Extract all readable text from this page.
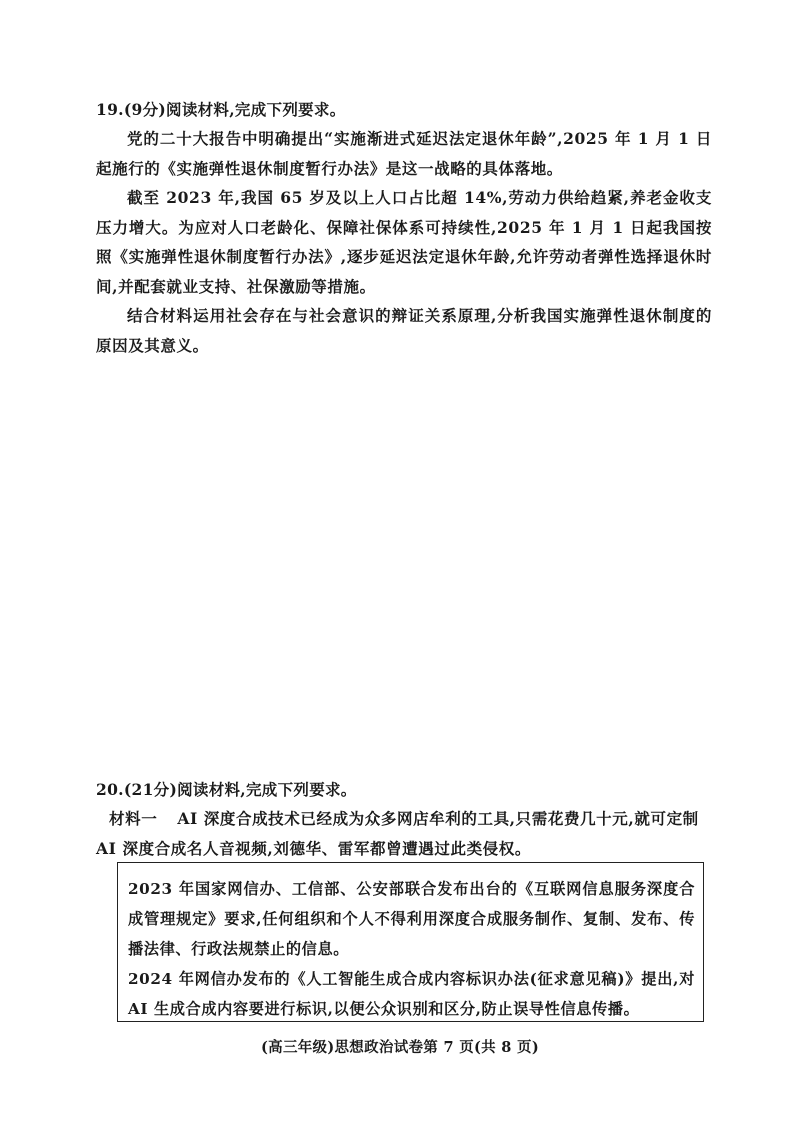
19.(9分)阅读材料,完成下列要求。

党的二十大报告中明确提出“实施渐进式延迟法定退休年龄”,2025 年 1 月 1 日起施行的《实施弹性退休制度暂行办法》是这一战略的具体落地。

截至 2023 年,我国 65 岁及以上人口占比超 14%,劳动力供给趋紧,养老金收支压力增大。为应对人口老龄化、保障社保体系可持续性,2025 年 1 月 1 日起我国按照《实施弹性退休制度暂行办法》,逐步延迟法定退休年龄,允许劳动者弹性选择退休时间,并配套就业支持、社保激励等措施。

结合材料运用社会存在与社会意识的辩证关系原理,分析我国实施弹性退休制度的原因及其意义。

20.(21分)阅读材料,完成下列要求。

材料一 AI 深度合成技术已经成为众多网店牟利的工具,只需花费几十元,就可定制 AI 深度合成名人音视频,刘德华、雷军都曾遭遇过此类侵权。

2023 年国家网信办、工信部、公安部联合发布出台的《互联网信息服务深度合成管理规定》要求,任何组织和个人不得利用深度合成服务制作、复制、发布、传播法律、行政法规禁止的信息。

2024 年网信办发布的《人工智能生成合成内容标识办法(征求意见稿)》提出,对 AI 生成合成内容要进行标识,以便公众识别和区分,防止误导性信息传播。

(高三年级)思想政治试卷第 7 页(共 8 页)
